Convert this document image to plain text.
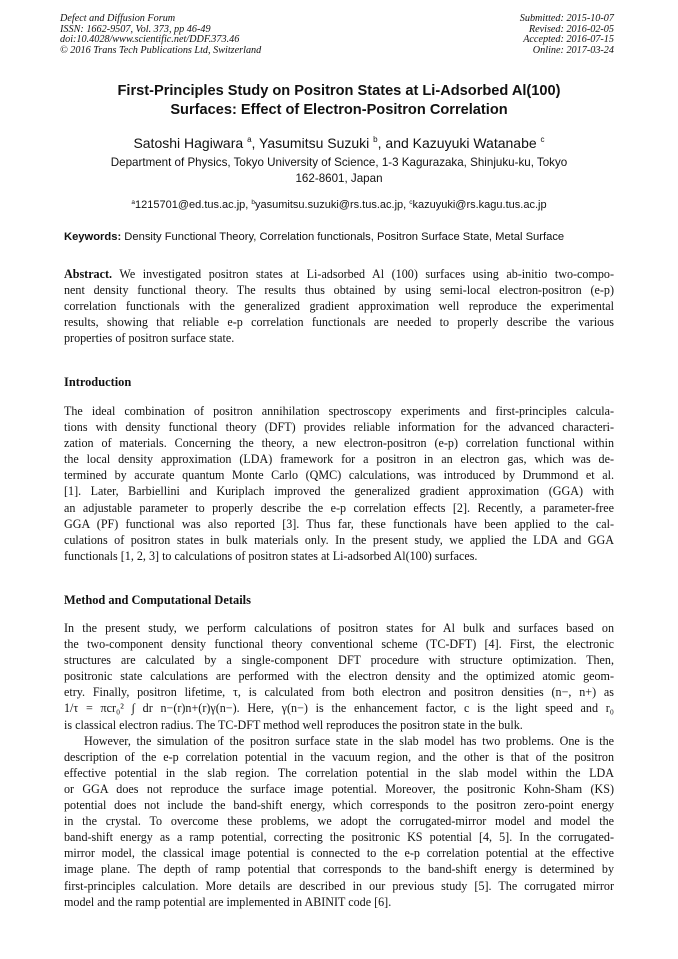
Defect and Diffusion Forum
ISSN: 1662-9507, Vol. 373, pp 46-49
doi:10.4028/www.scientific.net/DDF.373.46
© 2016 Trans Tech Publications Ltd, Switzerland
Submitted: 2015-10-07
Revised: 2016-02-05
Accepted: 2016-07-15
Online: 2017-03-24
First-Principles Study on Positron States at Li-Adsorbed Al(100)
Surfaces: Effect of Electron-Positron Correlation
Satoshi Hagiwara $^a$, Yasumitsu Suzuki $^b$, and Kazuyuki Watanabe $^c$
Department of Physics, Tokyo University of Science, 1-3 Kagurazaka, Shinjuku-ku, Tokyo
162-8601, Japan
$^a$1215701@ed.tus.ac.jp, $^b$yasumitsu.suzuki@rs.tus.ac.jp, $^c$kazuyuki@rs.kagu.tus.ac.jp
Keywords: Density Functional Theory, Correlation functionals, Positron Surface State, Metal Surface
Abstract. We investigated positron states at Li-adsorbed Al (100) surfaces using ab-initio two-compo-
nent density functional theory. The results thus obtained by using semi-local electron-positron (e-p)
correlation functionals with the generalized gradient approximation well reproduce the experimental
results, showing that reliable e-p correlation functionals are needed to properly describe the various
properties of positron surface state.
Introduction
The ideal combination of positron annihilation spectroscopy experiments and first-principles calcula-
tions with density functional theory (DFT) provides reliable information for the advanced characteri-
zation of materials. Concerning the theory, a new electron-positron (e-p) correlation functional within
the local density approximation (LDA) framework for a positron in an electron gas, which was de-
termined by accurate quantum Monte Carlo (QMC) calculations, was introduced by Drummond et al.
[1]. Later, Barbiellini and Kuriplach improved the generalized gradient approximation (GGA) with
an adjustable parameter to properly describe the e-p correlation effects [2]. Recently, a parameter-free
GGA (PF) functional was also reported [3]. Thus far, these functionals have been applied to the cal-
culations of positron states in bulk materials only. In the present study, we applied the LDA and GGA
functionals [1, 2, 3] to calculations of positron states at Li-adsorbed Al(100) surfaces.
Method and Computational Details
In the present study, we perform calculations of positron states for Al bulk and surfaces based on
the two-component density functional theory conventional scheme (TC-DFT) [4]. First, the electronic
structures are calculated by a single-component DFT procedure with structure optimization. Then,
positronic state calculations are performed with the electron density and the optimized atomic geom-
etry. Finally, positron lifetime, τ, is calculated from both electron and positron densities (n−, n+) as
1/τ = πcr₀² ∫ dr n−(r)n+(r)γ(n−). Here, γ(n−) is the enhancement factor, c is the light speed and r₀
is classical electron radius. The TC-DFT method well reproduces the positron state in the bulk.
However, the simulation of the positron surface state in the slab model has two problems. One is the
description of the e-p correlation potential in the vacuum region, and the other is that of the positron
effective potential in the slab region. The correlation potential in the slab model within the LDA
or GGA does not reproduce the surface image potential. Moreover, the positronic Kohn-Sham (KS)
potential does not include the band-shift energy, which corresponds to the positron zero-point energy
in the crystal. To overcome these problems, we adopt the corrugated-mirror model and model the
band-shift energy as a ramp potential, correcting the positronic KS potential [4, 5]. In the corrugated-
mirror model, the classical image potential is connected to the e-p correlation potential at the effective
image plane. The depth of ramp potential that corresponds to the band-shift energy is determined by
first-principles calculation. More details are described in our previous study [5]. The corrugated mirror
model and the ramp potential are implemented in ABINIT code [6].
